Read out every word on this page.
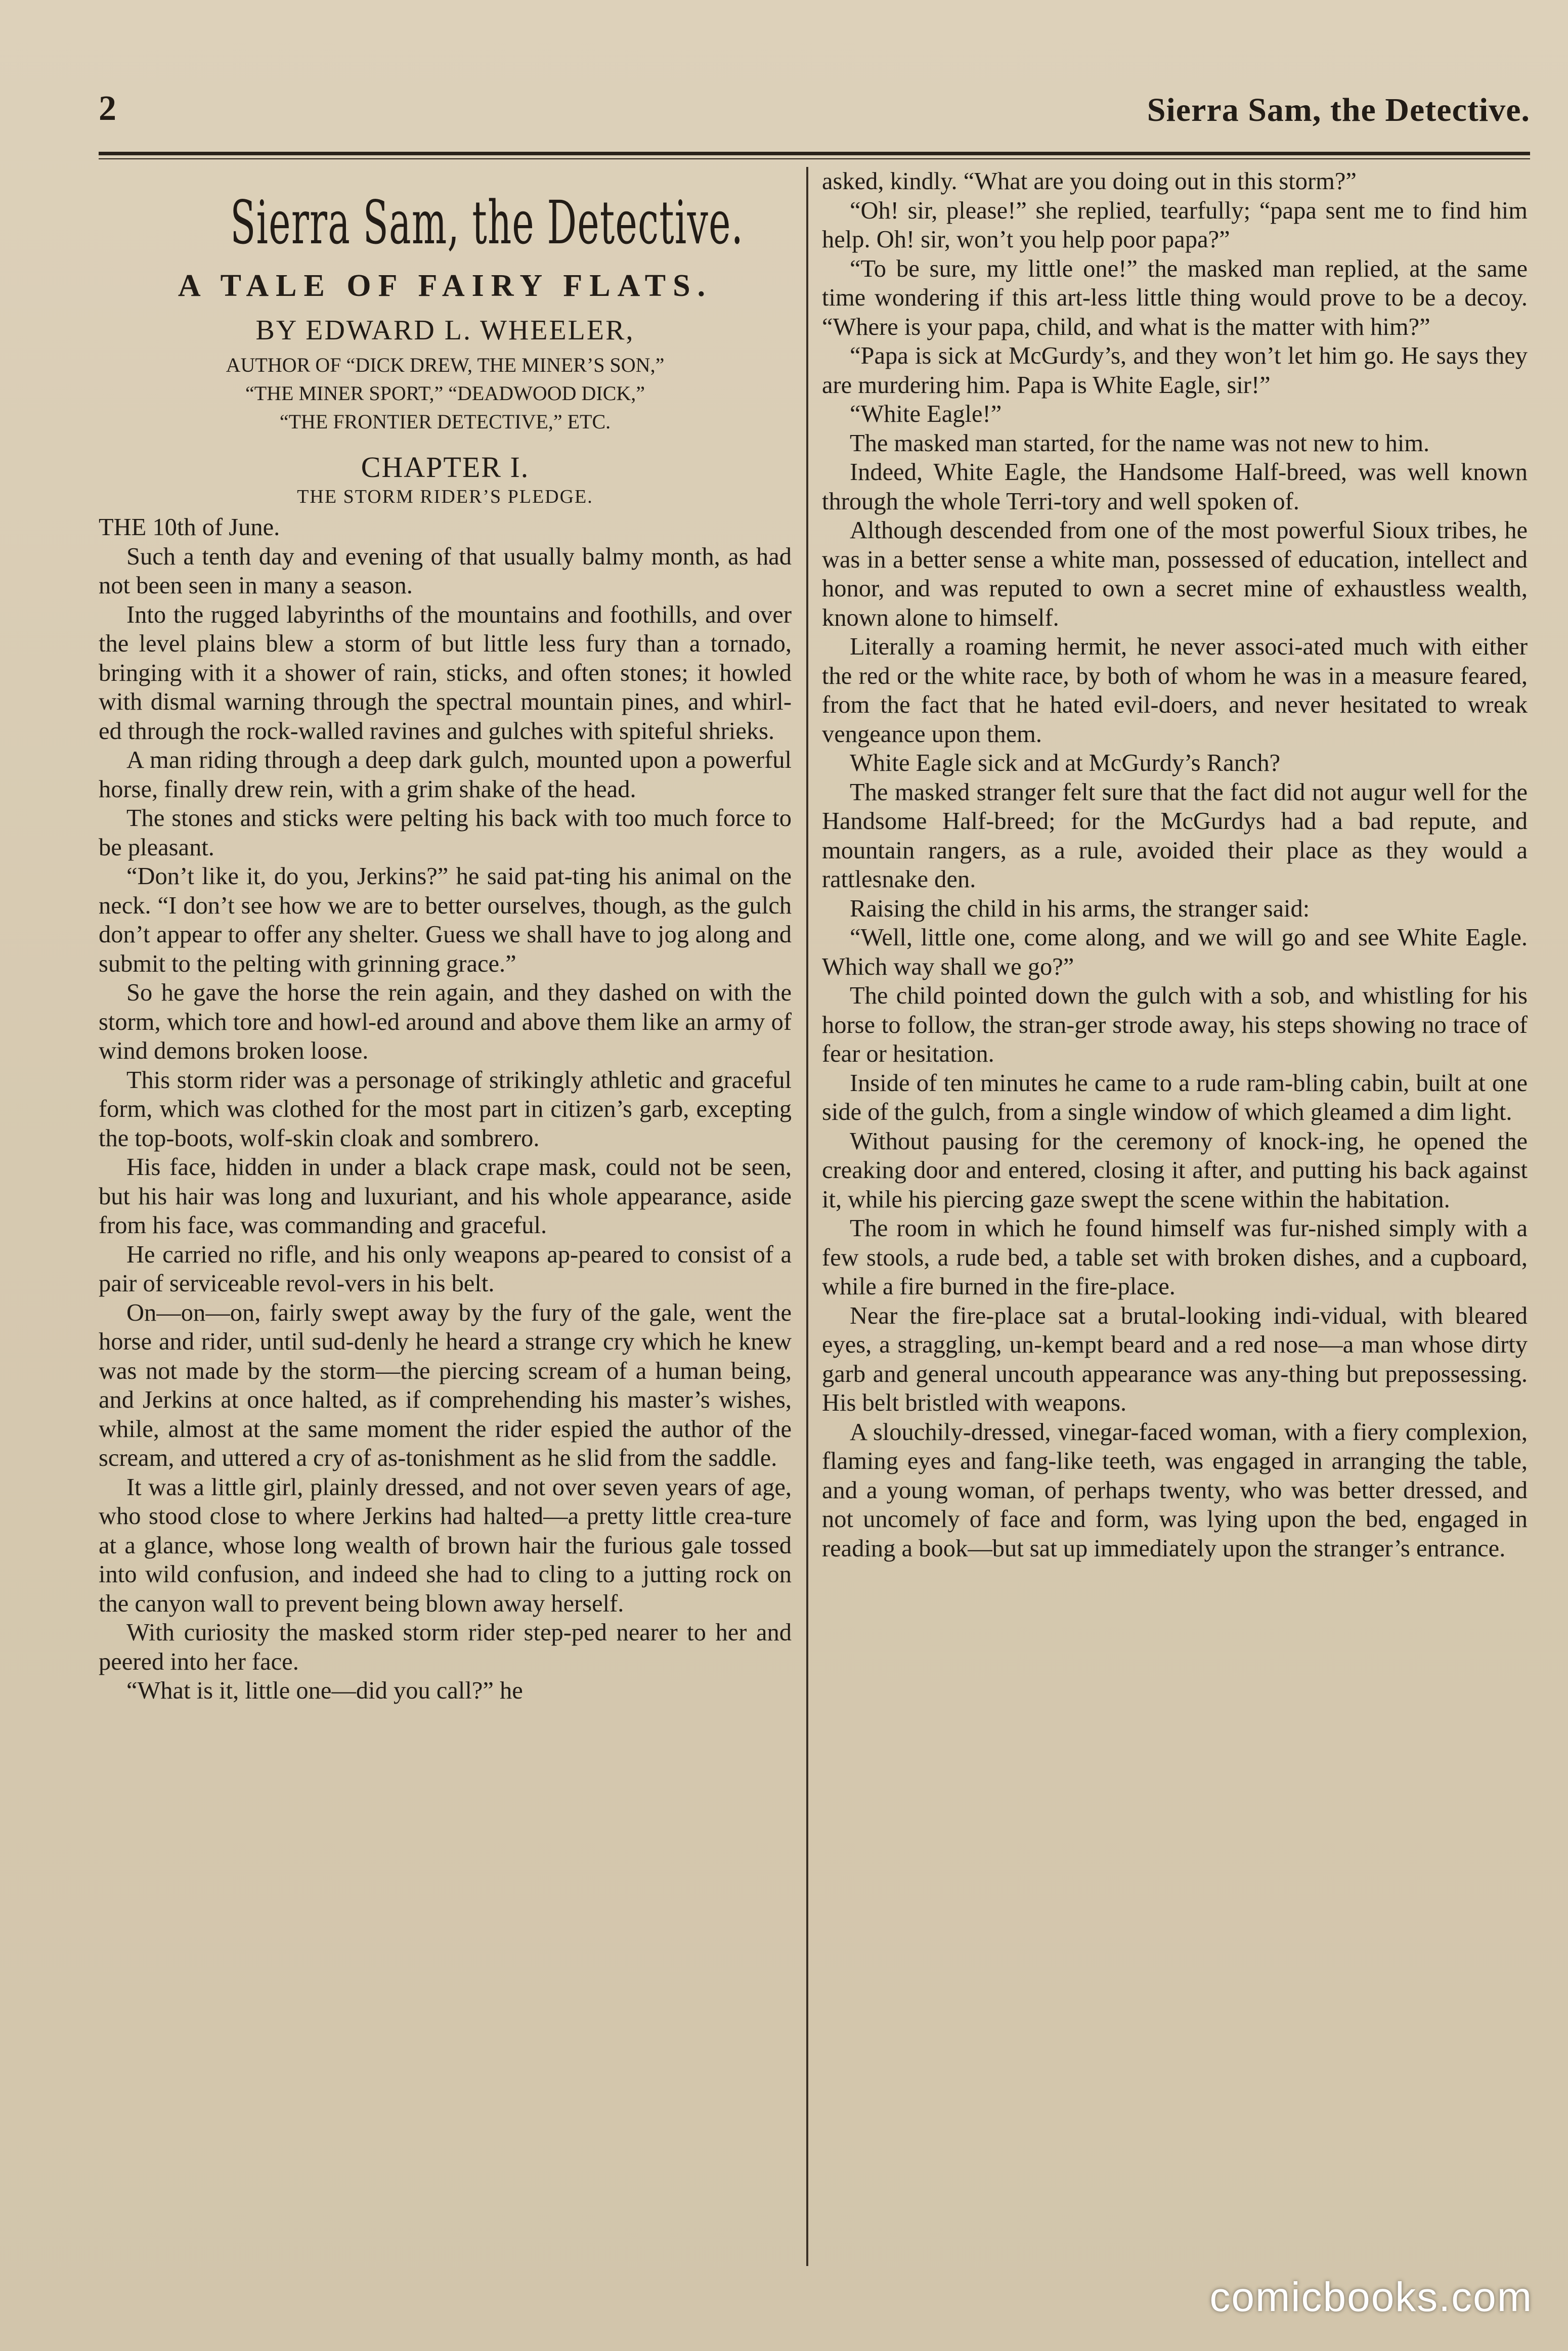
2	Sierra Sam, the Detective.
Sierra Sam, the Detective.
A TALE OF FAIRY FLATS.
BY EDWARD L. WHEELER,
AUTHOR OF “DICK DREW, THE MINER’S SON,”
“THE MINER SPORT,” “DEADWOOD DICK,”
“THE FRONTIER DETECTIVE,” ETC.
CHAPTER I.
THE STORM RIDER’S PLEDGE.

THE 10th of June.

Such a tenth day and evening of that usually balmy month, as had not been seen in many a season.

Into the rugged labyrinths of the mountains and foothills, and over the level plains blew a storm of but little less fury than a tornado, bringing with it a shower of rain, sticks, and often stones; it howled with dismal warning through the spectral mountain pines, and whirl-ed through the rock-walled ravines and gulches with spiteful shrieks.

A man riding through a deep dark gulch, mounted upon a powerful horse, finally drew rein, with a grim shake of the head.

The stones and sticks were pelting his back with too much force to be pleasant.

“Don’t like it, do you, Jerkins?” he said pat-ting his animal on the neck. “I don’t see how we are to better ourselves, though, as the gulch don’t appear to offer any shelter. Guess we shall have to jog along and submit to the pelting with grinning grace.”

So he gave the horse the rein again, and they dashed on with the storm, which tore and howl-ed around and above them like an army of wind demons broken loose.

This storm rider was a personage of strikingly athletic and graceful form, which was clothed for the most part in citizen’s garb, excepting the top-boots, wolf-skin cloak and sombrero.

His face, hidden in under a black crape mask, could not be seen, but his hair was long and luxuriant, and his whole appearance, aside from his face, was commanding and graceful.

He carried no rifle, and his only weapons ap-peared to consist of a pair of serviceable revol-vers in his belt.

On—on—on, fairly swept away by the fury of the gale, went the horse and rider, until sud-denly he heard a strange cry which he knew was not made by the storm—the piercing scream of a human being, and Jerkins at once halted, as if comprehending his master’s wishes, while, almost at the same moment the rider espied the author of the scream, and uttered a cry of as-tonishment as he slid from the saddle.

It was a little girl, plainly dressed, and not over seven years of age, who stood close to where Jerkins had halted—a pretty little crea-ture at a glance, whose long wealth of brown hair the furious gale tossed into wild confusion, and indeed she had to cling to a jutting rock on the canyon wall to prevent being blown away herself.

With curiosity the masked storm rider step-ped nearer to her and peered into her face.

“What is it, little one—did you call?” he

asked, kindly. “What are you doing out in this storm?”

“Oh! sir, please!” she replied, tearfully; “papa sent me to find him help. Oh! sir, won’t you help poor papa?”

“To be sure, my little one!” the masked man replied, at the same time wondering if this art-less little thing would prove to be a decoy. “Where is your papa, child, and what is the matter with him?”

“Papa is sick at McGurdy’s, and they won’t let him go. He says they are murdering him. Papa is White Eagle, sir!”

“White Eagle!”

The masked man started, for the name was not new to him.

Indeed, White Eagle, the Handsome Half-breed, was well known through the whole Terri-tory and well spoken of.

Although descended from one of the most powerful Sioux tribes, he was in a better sense a white man, possessed of education, intellect and honor, and was reputed to own a secret mine of exhaustless wealth, known alone to himself.

Literally a roaming hermit, he never associ-ated much with either the red or the white race, by both of whom he was in a measure feared, from the fact that he hated evil-doers, and never hesitated to wreak vengeance upon them.

White Eagle sick and at McGurdy’s Ranch?

The masked stranger felt sure that the fact did not augur well for the Handsome Half-breed; for the McGurdys had a bad repute, and mountain rangers, as a rule, avoided their place as they would a rattlesnake den.

Raising the child in his arms, the stranger said:

“Well, little one, come along, and we will go and see White Eagle. Which way shall we go?”

The child pointed down the gulch with a sob, and whistling for his horse to follow, the stran-ger strode away, his steps showing no trace of fear or hesitation.

Inside of ten minutes he came to a rude ram-bling cabin, built at one side of the gulch, from a single window of which gleamed a dim light.

Without pausing for the ceremony of knock-ing, he opened the creaking door and entered, closing it after, and putting his back against it, while his piercing gaze swept the scene within the habitation.

The room in which he found himself was fur-nished simply with a few stools, a rude bed, a table set with broken dishes, and a cupboard, while a fire burned in the fire-place.

Near the fire-place sat a brutal-looking indi-vidual, with bleared eyes, a straggling, un-kempt beard and a red nose—a man whose dirty garb and general uncouth appearance was any-thing but prepossessing. His belt bristled with weapons.

A slouchily-dressed, vinegar-faced woman, with a fiery complexion, flaming eyes and fang-like teeth, was engaged in arranging the table, and a young woman, of perhaps twenty, who was better dressed, and not uncomely of face and form, was lying upon the bed, engaged in reading a book—but sat up immediately upon the stranger’s entrance.

comicbooks.com
